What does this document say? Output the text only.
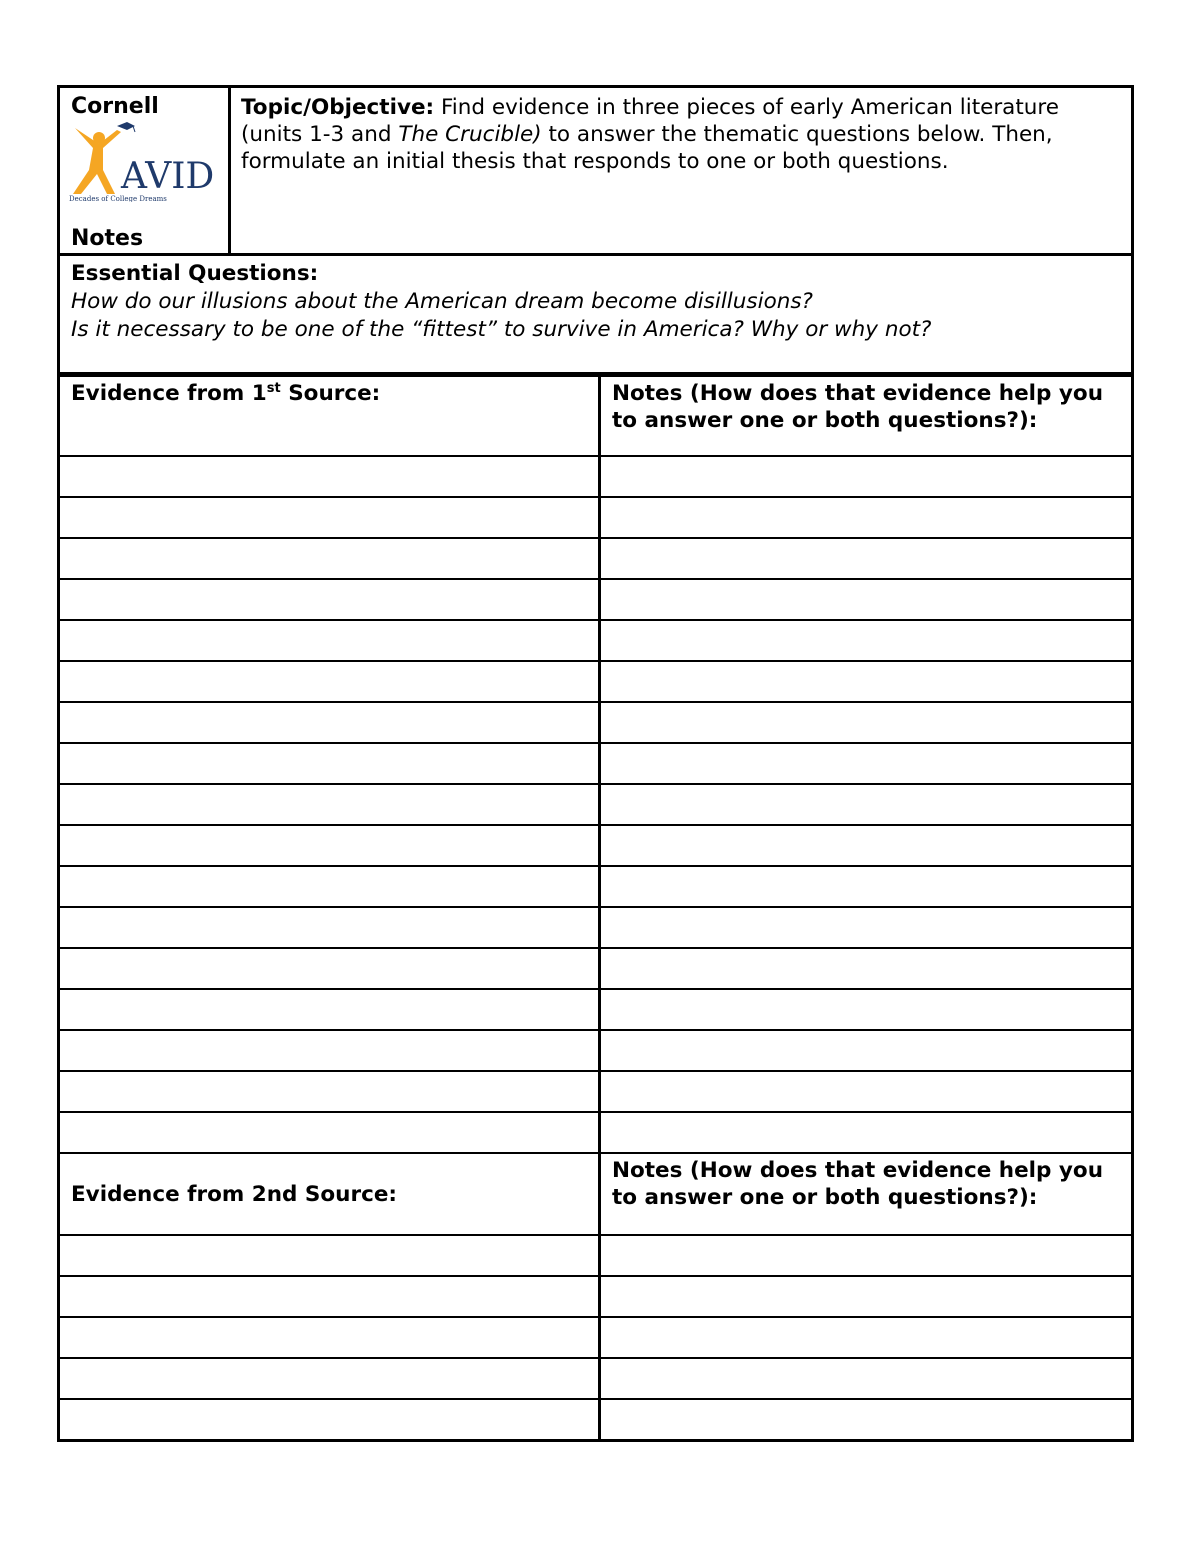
Cornell
AVID
Decades of College Dreams
Notes
	Topic/Objective: Find evidence in three pieces of early American literature (units 1-3 and The Crucible) to answer the thematic questions below. Then, formulate an initial thesis that responds to one or both questions.

Essential Questions:
How do our illusions about the American dream become disillusions?
Is it necessary to be one of the “fittest” to survive in America? Why or why not?
Evidence from 1st Source:	Notes (How does that evidence help you to answer one or both questions?):

Evidence from 2nd Source:	Notes (How does that evidence help you to answer one or both questions?):
